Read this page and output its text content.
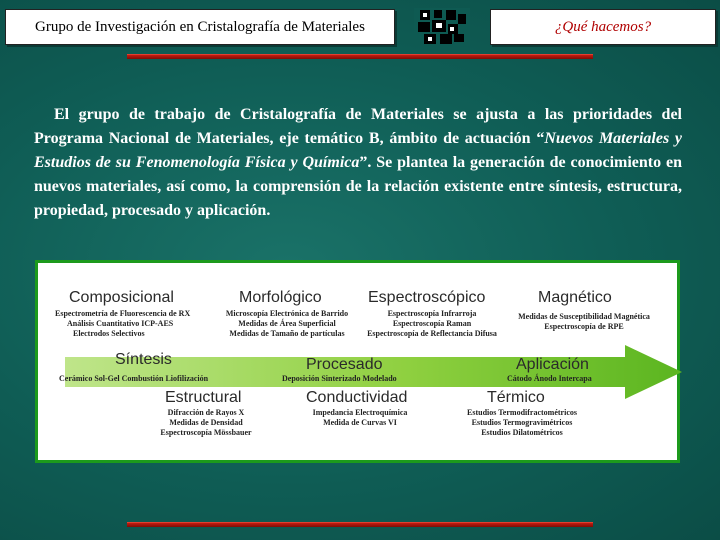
Grupo de Investigación en Cristalografía de Materiales	¿Qué hacemos?

El grupo de trabajo de Cristalografía de Materiales se ajusta a las prioridades del Programa Nacional de Materiales, eje temático B, ámbito de actuación “Nuevos Materiales y Estudios de su Fenomenología Física y Química”. Se plantea la generación de conocimiento en nuevos materiales, así como, la comprensión de la relación existente entre síntesis, estructura, propiedad, procesado y aplicación.

Composicional
Espectrometría de Fluorescencia de RX
Análisis Cuantitativo ICP-AES
Electrodos Selectivos
Morfológico
Microscopía Electrónica de Barrido
Medidas de Área Superficial
Medidas de Tamaño de partículas
Espectroscópico
Espectroscopía Infrarroja
Espectroscopía Raman
Espectroscopía de Reflectancia Difusa
Magnético
Medidas de Susceptibilidad Magnética
Espectroscopía de RPE
Síntesis
Cerámico Sol-Gel Combustión Liofilización
Procesado
Deposición Sinterizado Modelado
Aplicación
Cátodo Ánodo Intercapa
Estructural
Difracción de Rayos X
Medidas de Densidad
Espectroscopía Mössbauer
Conductividad
Impedancia Electroquímica
Medida de Curvas VI
Térmico
Estudios Termodifractométricos
Estudios Termogravimétricos
Estudios Dilatométricos
